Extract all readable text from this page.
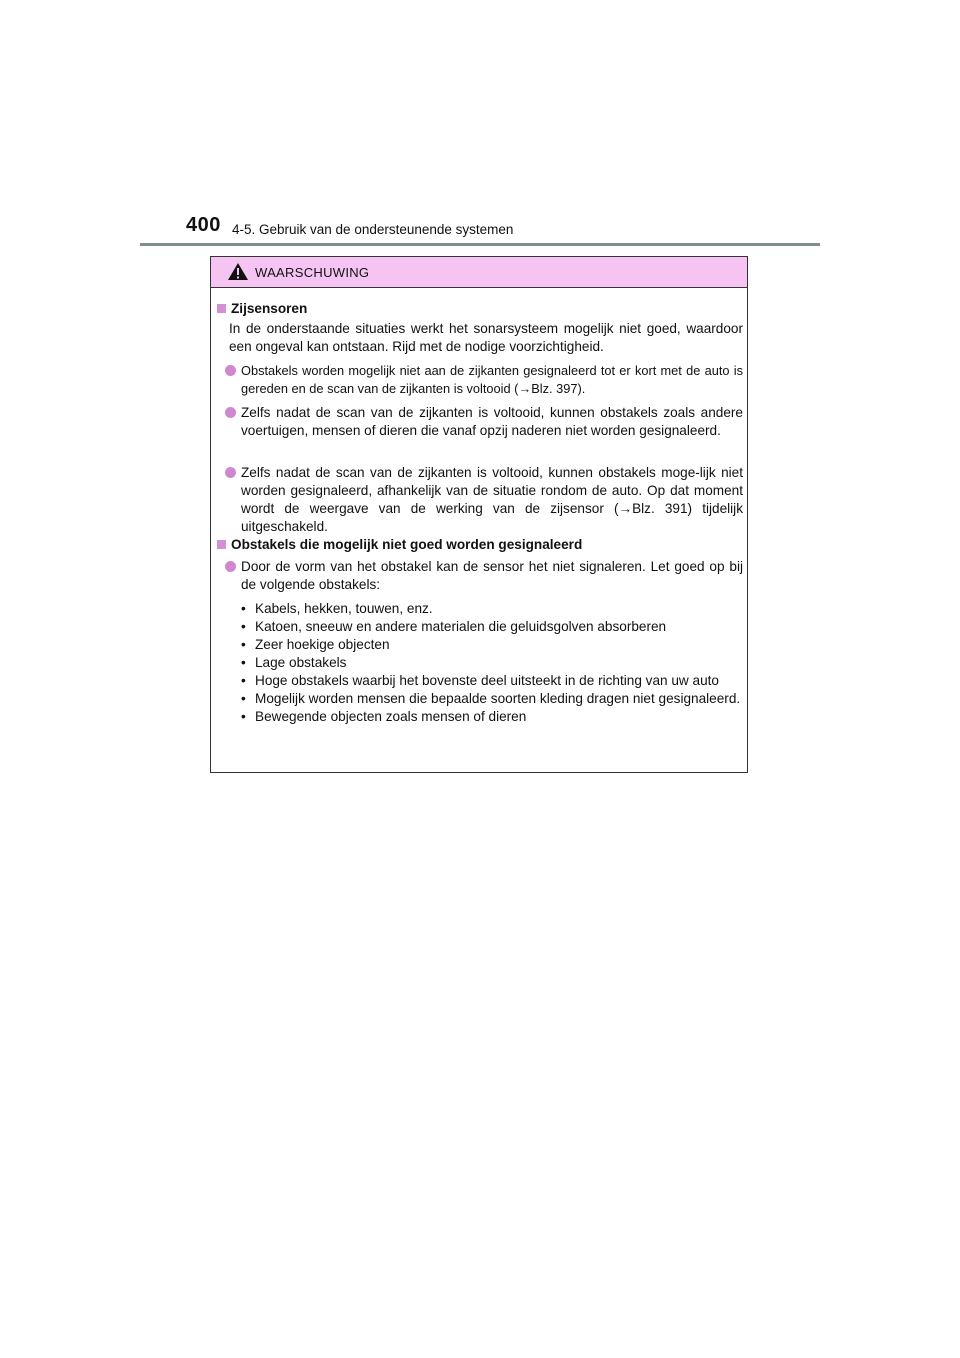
400 4-5. Gebruik van de ondersteunende systemen
WAARSCHUWING
Zijsensoren
In de onderstaande situaties werkt het sonarsysteem mogelijk niet goed, waardoor een ongeval kan ontstaan. Rijd met de nodige voorzichtigheid.
Obstakels worden mogelijk niet aan de zijkanten gesignaleerd tot er kort met de auto is gereden en de scan van de zijkanten is voltooid (→Blz. 397).
Zelfs nadat de scan van de zijkanten is voltooid, kunnen obstakels zoals andere voertuigen, mensen of dieren die vanaf opzij naderen niet worden gesignaleerd.
Zelfs nadat de scan van de zijkanten is voltooid, kunnen obstakels moge-lijk niet worden gesignaleerd, afhankelijk van de situatie rondom de auto. Op dat moment wordt de weergave van de werking van de zijsensor (→Blz. 391) tijdelijk uitgeschakeld.
Obstakels die mogelijk niet goed worden gesignaleerd
Door de vorm van het obstakel kan de sensor het niet signaleren. Let goed op bij de volgende obstakels:
• Kabels, hekken, touwen, enz.
• Katoen, sneeuw en andere materialen die geluidsgolven absorberen
• Zeer hoekige objecten
• Lage obstakels
• Hoge obstakels waarbij het bovenste deel uitsteekt in de richting van uw auto
• Mogelijk worden mensen die bepaalde soorten kleding dragen niet gesignaleerd.
• Bewegende objecten zoals mensen of dieren
